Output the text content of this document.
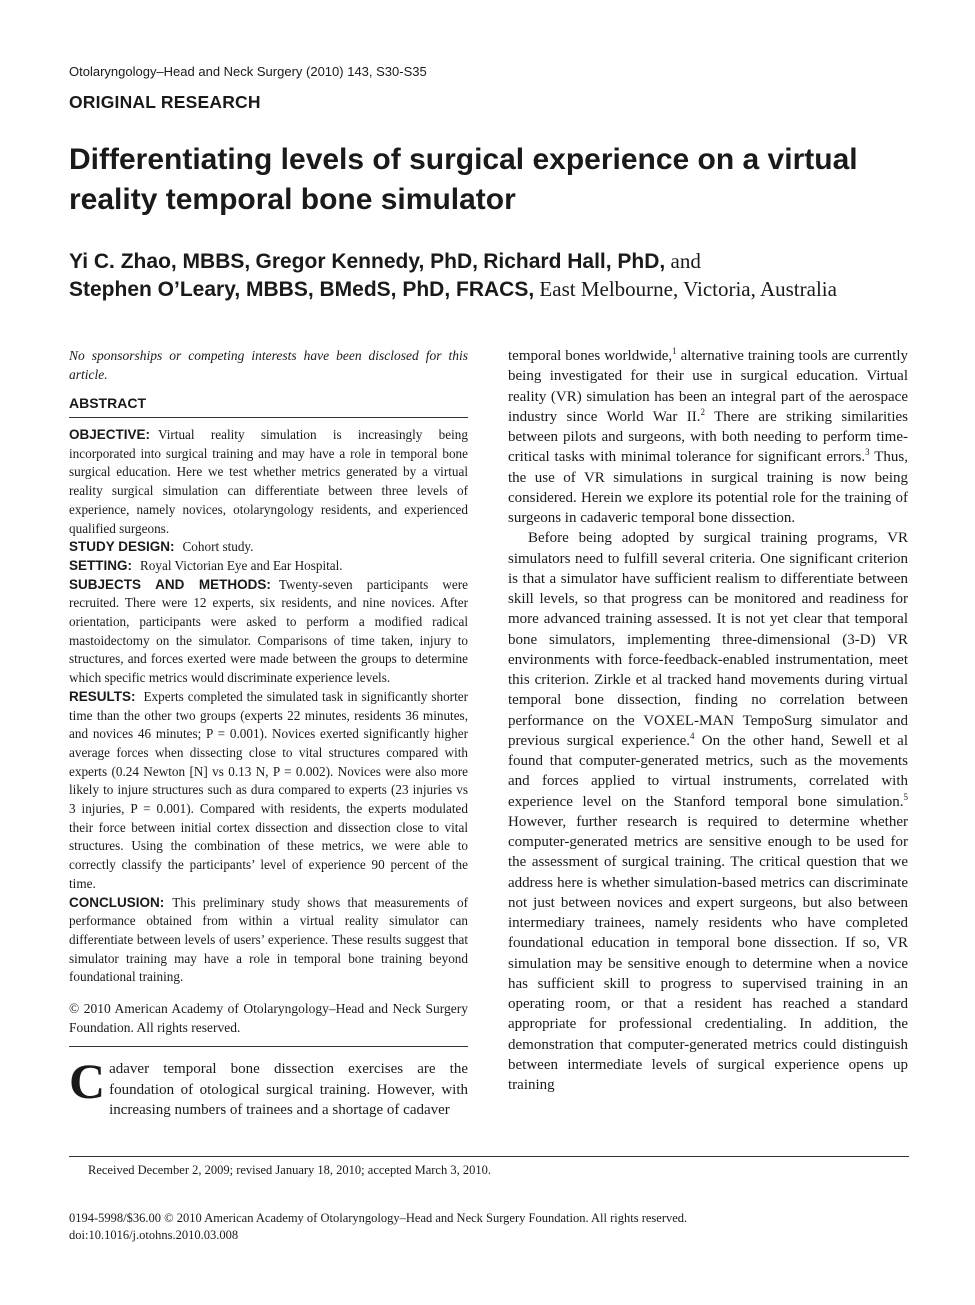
Otolaryngology–Head and Neck Surgery (2010) 143, S30-S35
ORIGINAL RESEARCH
Differentiating levels of surgical experience on a virtual reality temporal bone simulator
Yi C. Zhao, MBBS, Gregor Kennedy, PhD, Richard Hall, PhD, and
Stephen O’Leary, MBBS, BMedS, PhD, FRACS, East Melbourne, Victoria, Australia

No sponsorships or competing interests have been disclosed for this article.

ABSTRACT

OBJECTIVE: Virtual reality simulation is increasingly being incorporated into surgical training and may have a role in temporal bone surgical education. Here we test whether metrics generated by a virtual reality surgical simulation can differentiate between three levels of experience, namely novices, otolaryngology residents, and experienced qualified surgeons.

STUDY DESIGN: Cohort study.

SETTING: Royal Victorian Eye and Ear Hospital.

SUBJECTS AND METHODS: Twenty-seven participants were recruited. There were 12 experts, six residents, and nine novices. After orientation, participants were asked to perform a modified radical mastoidectomy on the simulator. Comparisons of time taken, injury to structures, and forces exerted were made between the groups to determine which specific metrics would discriminate experience levels.

RESULTS: Experts completed the simulated task in significantly shorter time than the other two groups (experts 22 minutes, residents 36 minutes, and novices 46 minutes; P = 0.001). Novices exerted significantly higher average forces when dissecting close to vital structures compared with experts (0.24 Newton [N] vs 0.13 N, P = 0.002). Novices were also more likely to injure structures such as dura compared to experts (23 injuries vs 3 injuries, P = 0.001). Compared with residents, the experts modulated their force between initial cortex dissection and dissection close to vital structures. Using the combination of these metrics, we were able to correctly classify the participants’ level of experience 90 percent of the time.

CONCLUSION: This preliminary study shows that measurements of performance obtained from within a virtual reality simulator can differentiate between levels of users’ experience. These results suggest that simulator training may have a role in temporal bone training beyond foundational training.

© 2010 American Academy of Otolaryngology–Head and Neck Surgery Foundation. All rights reserved.

Cadaver temporal bone dissection exercises are the foundation of otological surgical training. However, with increasing numbers of trainees and a shortage of cadaver

temporal bones worldwide,$^1$ alternative training tools are currently being investigated for their use in surgical education. Virtual reality (VR) simulation has been an integral part of the aerospace industry since World War II.$^2$ There are striking similarities between pilots and surgeons, with both needing to perform time-critical tasks with minimal tolerance for significant errors.$^3$ Thus, the use of VR simulations in surgical training is now being considered. Herein we explore its potential role for the training of surgeons in cadaveric temporal bone dissection.

Before being adopted by surgical training programs, VR simulators need to fulfill several criteria. One significant criterion is that a simulator have sufficient realism to differentiate between skill levels, so that progress can be monitored and readiness for more advanced training assessed. It is not yet clear that temporal bone simulators, implementing three-dimensional (3-D) VR environments with force-feedback-enabled instrumentation, meet this criterion. Zirkle et al tracked hand movements during virtual temporal bone dissection, finding no correlation between performance on the VOXEL-MAN TempoSurg simulator and previous surgical experience.$^4$ On the other hand, Sewell et al found that computer-generated metrics, such as the movements and forces applied to virtual instruments, correlated with experience level on the Stanford temporal bone simulation.$^5$ However, further research is required to determine whether computer-generated metrics are sensitive enough to be used for the assessment of surgical training. The critical question that we address here is whether simulation-based metrics can discriminate not just between novices and expert surgeons, but also between intermediary trainees, namely residents who have completed foundational education in temporal bone dissection. If so, VR simulation may be sensitive enough to determine when a novice has sufficient skill to progress to supervised training in an operating room, or that a resident has reached a standard appropriate for professional credentialing. In addition, the demonstration that computer-generated metrics could distinguish between intermediate levels of surgical experience opens up training

Received December 2, 2009; revised January 18, 2010; accepted March 3, 2010.
0194-5998/$36.00 © 2010 American Academy of Otolaryngology–Head and Neck Surgery Foundation. All rights reserved.
doi:10.1016/j.otohns.2010.03.008
